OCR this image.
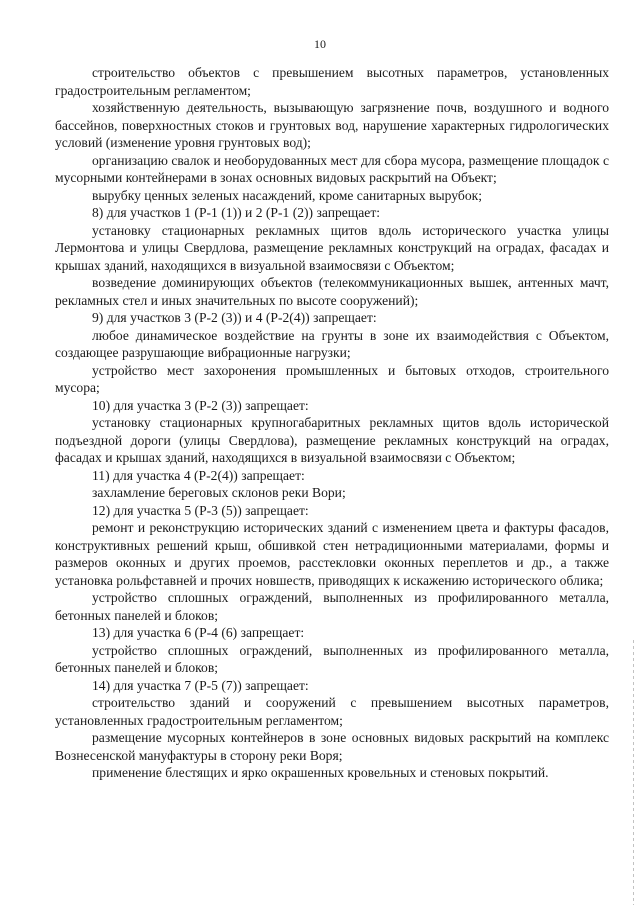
10

строительство объектов с превышением высотных параметров, установленных градостроительным регламентом;

хозяйственную деятельность, вызывающую загрязнение почв, воздушного и водного бассейнов, поверхностных стоков и грунтовых вод, нарушение характерных гидрологических условий (изменение уровня грунтовых вод);

организацию свалок и необорудованных мест для сбора мусора, размещение площадок с мусорными контейнерами в зонах основных видовых раскрытий на Объект;

вырубку ценных зеленых насаждений, кроме санитарных вырубок;

8) для участков 1 (Р-1 (1)) и 2 (Р-1 (2)) запрещает:

установку стационарных рекламных щитов вдоль исторического участка улицы Лермонтова и улицы Свердлова, размещение рекламных конструкций на оградах, фасадах и крышах зданий, находящихся в визуальной взаимосвязи с Объектом;

возведение доминирующих объектов (телекоммуникационных вышек, антенных мачт, рекламных стел и иных значительных по высоте сооружений);

9) для участков 3 (Р-2 (3)) и 4 (Р-2(4)) запрещает:

любое динамическое воздействие на грунты в зоне их взаимодействия с Объектом, создающее разрушающие вибрационные нагрузки;

устройство мест захоронения промышленных и бытовых отходов, строительного мусора;

10) для участка 3 (Р-2 (3)) запрещает:

установку стационарных крупногабаритных рекламных щитов вдоль исторической подъездной дороги (улицы Свердлова), размещение рекламных конструкций на оградах, фасадах и крышах зданий, находящихся в визуальной взаимосвязи с Объектом;

11) для участка 4 (Р-2(4)) запрещает:

захламление береговых склонов реки Вори;

12) для участка 5 (Р-3 (5)) запрещает:

ремонт и реконструкцию исторических зданий с изменением цвета и фактуры фасадов, конструктивных решений крыш, обшивкой стен нетрадиционными материалами, формы и размеров оконных и других проемов, расстекловки оконных переплетов и др., а также установка рольфставней и прочих новшеств, приводящих к искажению исторического облика;

устройство сплошных ограждений, выполненных из профилированного металла, бетонных панелей и блоков;

13) для участка 6 (Р-4 (6) запрещает:

устройство сплошных ограждений, выполненных из профилированного металла, бетонных панелей и блоков;

14) для участка 7 (Р-5 (7)) запрещает:

строительство зданий и сооружений с превышением высотных параметров, установленных градостроительным регламентом;

размещение мусорных контейнеров в зоне основных видовых раскрытий на комплекс Вознесенской мануфактуры в сторону реки Воря;

применение блестящих и ярко окрашенных кровельных и стеновых покрытий.
